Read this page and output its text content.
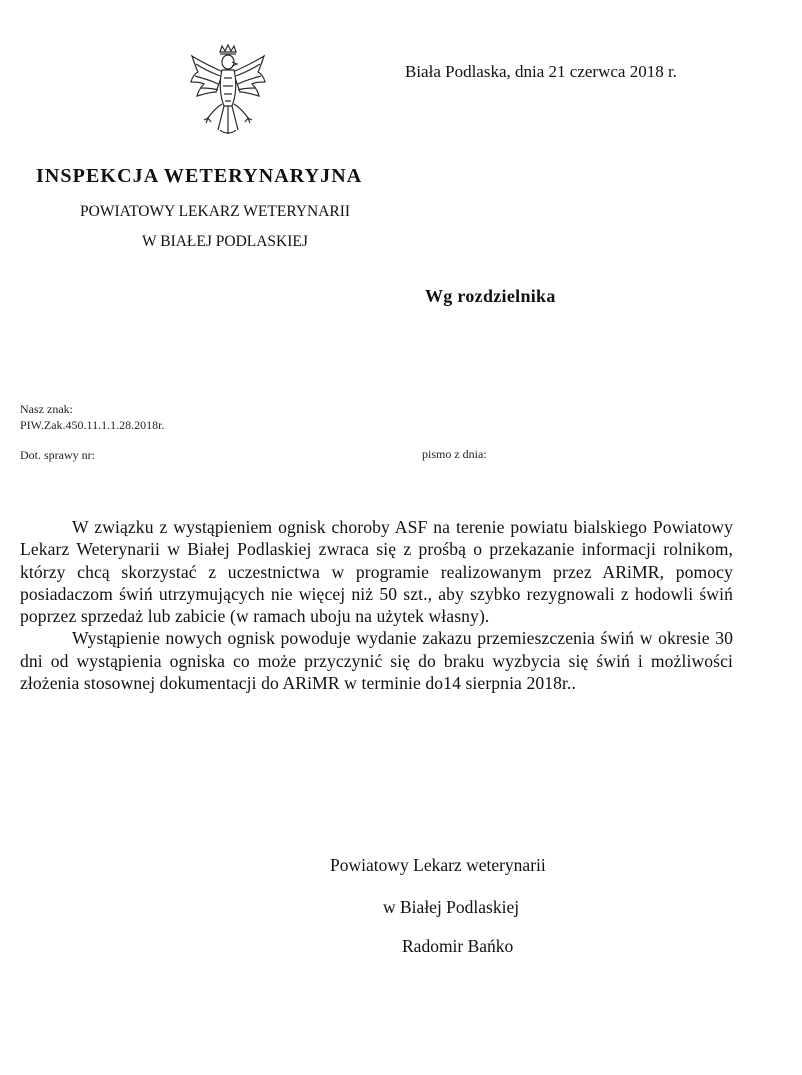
Biała Podlaska, dnia 21 czerwca 2018 r.
INSPEKCJA WETERYNARYJNA
POWIATOWY LEKARZ WETERYNARII
W BIAŁEJ PODLASKIEJ
Wg rozdzielnika
Nasz znak:
PIW.Zak.450.11.1.1.28.2018r.
Dot. sprawy nr:	pismo z dnia:

W związku z wystąpieniem ognisk choroby ASF na terenie powiatu bialskiego Powiatowy Lekarz Weterynarii w Białej Podlaskiej zwraca się z prośbą o przekazanie informacji rolnikom, którzy chcą skorzystać z uczestnictwa w programie realizowanym przez ARiMR, pomocy posiadaczom świń utrzymujących nie więcej niż 50 szt., aby szybko rezygnowali z hodowli świń poprzez sprzedaż lub zabicie (w ramach uboju na użytek własny).

Wystąpienie nowych ognisk powoduje wydanie zakazu przemieszczenia świń w okresie 30 dni od wystąpienia ogniska co może przyczynić się do braku wyzbycia się świń i możliwości złożenia stosownej dokumentacji do ARiMR w terminie do14 sierpnia 2018r..

Powiatowy Lekarz weterynarii
w Białej Podlaskiej
Radomir Bańko
